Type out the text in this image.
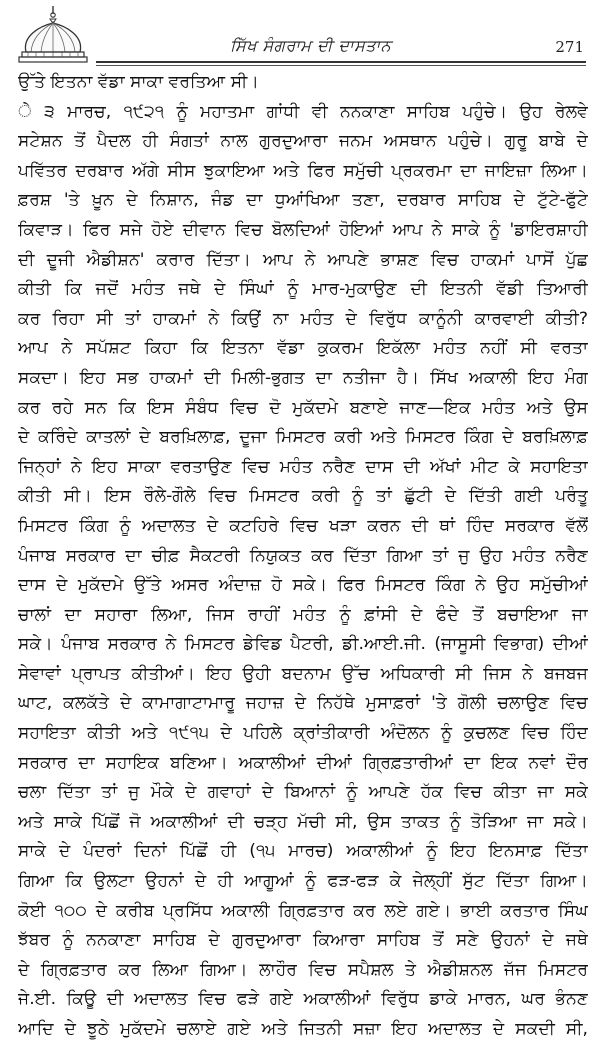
ਸਿੱਖ ਸੰਗਰਾਮ ਦੀ ਦਾਸਤਾਨ	271
ਉੱਤੇ ਇਤਨਾ ਵੱਡਾ ਸਾਕਾ ਵਰਤਿਆ ਸੀ।
ੇ ੩ ਮਾਰਚ, ੧੯੨੧ ਨੂੰ ਮਹਾਤਮਾ ਗਾਂਧੀ ਵੀ ਨਨਕਾਣਾ ਸਾਹਿਬ ਪਹੁੰਚੇ। ਉਹ ਰੇਲਵੇ
ਸਟੇਸ਼ਨ ਤੋਂ ਪੈਦਲ ਹੀ ਸੰਗਤਾਂ ਨਾਲ ਗੁਰਦੁਆਰਾ ਜਨਮ ਅਸਥਾਨ ਪਹੁੰਚੇ। ਗੁਰੂ ਬਾਬੇ ਦੇ
ਪਵਿੱਤਰ ਦਰਬਾਰ ਅੱਗੇ ਸੀਸ ਝੁਕਾਇਆ ਅਤੇ ਫਿਰ ਸਮੁੱਚੀ ਪ੍ਰਕਰਮਾ ਦਾ ਜਾਇਜ਼ਾ ਲਿਆ।
ਫ਼ਰਸ਼ 'ਤੇ ਖ਼ੂਨ ਦੇ ਨਿਸ਼ਾਨ, ਜੰਡ ਦਾ ਧੁਆਂਖਿਆ ਤਣਾ, ਦਰਬਾਰ ਸਾਹਿਬ ਦੇ ਟੁੱਟੇ-ਫੁੱਟੇ
ਕਿਵਾੜ। ਫਿਰ ਸਜੇ ਹੋਏ ਦੀਵਾਨ ਵਿਚ ਬੋਲਦਿਆਂ ਹੋਇਆਂ ਆਪ ਨੇ ਸਾਕੇ ਨੂੰ 'ਡਾਇਰਸ਼ਾਹੀ
ਦੀ ਦੂਜੀ ਐਡੀਸ਼ਨ' ਕਰਾਰ ਦਿੱਤਾ। ਆਪ ਨੇ ਆਪਣੇ ਭਾਸ਼ਣ ਵਿਚ ਹਾਕਮਾਂ ਪਾਸੋਂ ਪੁੱਛ
ਕੀਤੀ ਕਿ ਜਦੋਂ ਮਹੰਤ ਜਥੇ ਦੇ ਸਿੰਘਾਂ ਨੂੰ ਮਾਰ-ਮੁਕਾਉਣ ਦੀ ਇਤਨੀ ਵੱਡੀ ਤਿਆਰੀ
ਕਰ ਰਿਹਾ ਸੀ ਤਾਂ ਹਾਕਮਾਂ ਨੇ ਕਿਉਂ ਨਾ ਮਹੰਤ ਦੇ ਵਿਰੁੱਧ ਕਾਨੂੰਨੀ ਕਾਰਵਾਈ ਕੀਤੀ?
ਆਪ ਨੇ ਸਪੱਸ਼ਟ ਕਿਹਾ ਕਿ ਇਤਨਾ ਵੱਡਾ ਕੁਕਰਮ ਇਕੱਲਾ ਮਹੰਤ ਨਹੀਂ ਸੀ ਵਰਤਾ
ਸਕਦਾ। ਇਹ ਸਭ ਹਾਕਮਾਂ ਦੀ ਮਿਲੀ-ਭੁਗਤ ਦਾ ਨਤੀਜਾ ਹੈ। ਸਿੱਖ ਅਕਾਲੀ ਇਹ ਮੰਗ
ਕਰ ਰਹੇ ਸਨ ਕਿ ਇਸ ਸੰਬੰਧ ਵਿਚ ਦੋ ਮੁਕੱਦਮੇ ਬਣਾਏ ਜਾਣ—ਇਕ ਮਹੰਤ ਅਤੇ ਉਸ
ਦੇ ਕਰਿੰਦੇ ਕਾਤਲਾਂ ਦੇ ਬਰਖ਼ਿਲਾਫ਼, ਦੂਜਾ ਮਿਸਟਰ ਕਰੀ ਅਤੇ ਮਿਸਟਰ ਕਿੰਗ ਦੇ ਬਰਖ਼ਿਲਾਫ਼
ਜਿਨ੍ਹਾਂ ਨੇ ਇਹ ਸਾਕਾ ਵਰਤਾਉਣ ਵਿਚ ਮਹੰਤ ਨਰੈਣ ਦਾਸ ਦੀ ਅੱਖਾਂ ਮੀਟ ਕੇ ਸਹਾਇਤਾ
ਕੀਤੀ ਸੀ। ਇਸ ਰੌਲੇ-ਗੌਲੇ ਵਿਚ ਮਿਸਟਰ ਕਰੀ ਨੂੰ ਤਾਂ ਛੁੱਟੀ ਦੇ ਦਿੱਤੀ ਗਈ ਪਰੰਤੂ
ਮਿਸਟਰ ਕਿੰਗ ਨੂੰ ਅਦਾਲਤ ਦੇ ਕਟਹਿਰੇ ਵਿਚ ਖੜਾ ਕਰਨ ਦੀ ਥਾਂ ਹਿੰਦ ਸਰਕਾਰ ਵੱਲੋਂ
ਪੰਜਾਬ ਸਰਕਾਰ ਦਾ ਚੀਫ਼ ਸੈਕਟਰੀ ਨਿਯੁਕਤ ਕਰ ਦਿੱਤਾ ਗਿਆ ਤਾਂ ਜੁ ਉਹ ਮਹੰਤ ਨਰੈਣ
ਦਾਸ ਦੇ ਮੁਕੱਦਮੇ ਉੱਤੇ ਅਸਰ ਅੰਦਾਜ਼ ਹੋ ਸਕੇ। ਫਿਰ ਮਿਸਟਰ ਕਿੰਗ ਨੇ ਉਹ ਸਮੁੱਚੀਆਂ
ਚਾਲਾਂ ਦਾ ਸਹਾਰਾ ਲਿਆ, ਜਿਸ ਰਾਹੀਂ ਮਹੰਤ ਨੂੰ ਫ਼ਾਂਸੀ ਦੇ ਫੰਦੇ ਤੋਂ ਬਚਾਇਆ ਜਾ
ਸਕੇ। ਪੰਜਾਬ ਸਰਕਾਰ ਨੇ ਮਿਸਟਰ ਡੇਵਿਡ ਪੈਟਰੀ, ਡੀ.ਆਈ.ਜੀ. (ਜਾਸੂਸੀ ਵਿਭਾਗ) ਦੀਆਂ
ਸੇਵਾਵਾਂ ਪ੍ਰਾਪਤ ਕੀਤੀਆਂ। ਇਹ ਉਹੀ ਬਦਨਾਮ ਉੱਚ ਅਧਿਕਾਰੀ ਸੀ ਜਿਸ ਨੇ ਬਜਬਜ
ਘਾਟ, ਕਲਕੱਤੇ ਦੇ ਕਾਮਾਗਾਟਾਮਾਰੂ ਜਹਾਜ਼ ਦੇ ਨਿਹੱਥੇ ਮੁਸਾਫ਼ਰਾਂ 'ਤੇ ਗੋਲੀ ਚਲਾਉਣ ਵਿਚ
ਸਹਾਇਤਾ ਕੀਤੀ ਅਤੇ ੧੯੧੫ ਦੇ ਪਹਿਲੇ ਕ੍ਰਾਂਤੀਕਾਰੀ ਅੰਦੋਲਨ ਨੂੰ ਕੁਚਲਣ ਵਿਚ ਹਿੰਦ
ਸਰਕਾਰ ਦਾ ਸਹਾਇਕ ਬਣਿਆ। ਅਕਾਲੀਆਂ ਦੀਆਂ ਗ੍ਰਿਫ਼ਤਾਰੀਆਂ ਦਾ ਇਕ ਨਵਾਂ ਦੌਰ
ਚਲਾ ਦਿੱਤਾ ਤਾਂ ਜੁ ਮੌਕੇ ਦੇ ਗਵਾਹਾਂ ਦੇ ਬਿਆਨਾਂ ਨੂੰ ਆਪਣੇ ਹੱਕ ਵਿਚ ਕੀਤਾ ਜਾ ਸਕੇ
ਅਤੇ ਸਾਕੇ ਪਿੱਛੋਂ ਜੋ ਅਕਾਲੀਆਂ ਦੀ ਚੜ੍ਹ ਮੱਚੀ ਸੀ, ਉਸ ਤਾਕਤ ਨੂੰ ਤੋੜਿਆ ਜਾ ਸਕੇ।
ਸਾਕੇ ਦੇ ਪੰਦਰਾਂ ਦਿਨਾਂ ਪਿੱਛੋਂ ਹੀ (੧੫ ਮਾਰਚ) ਅਕਾਲੀਆਂ ਨੂੰ ਇਹ ਇਨਸਾਫ਼ ਦਿੱਤਾ
ਗਿਆ ਕਿ ਉਲਟਾ ਉਹਨਾਂ ਦੇ ਹੀ ਆਗੂਆਂ ਨੂੰ ਫੜ-ਫੜ ਕੇ ਜੇਲ੍ਹੀਂ ਸੁੱਟ ਦਿੱਤਾ ਗਿਆ।
ਕੋਈ ੧੦੦ ਦੇ ਕਰੀਬ ਪ੍ਰਸਿੱਧ ਅਕਾਲੀ ਗ੍ਰਿਫ਼ਤਾਰ ਕਰ ਲਏ ਗਏ। ਭਾਈ ਕਰਤਾਰ ਸਿੰਘ
ਝੱਬਰ ਨੂੰ ਨਨਕਾਣਾ ਸਾਹਿਬ ਦੇ ਗੁਰਦੁਆਰਾ ਕਿਆਰਾ ਸਾਹਿਬ ਤੋਂ ਸਣੇ ਉਹਨਾਂ ਦੇ ਜਥੇ
ਦੇ ਗ੍ਰਿਫ਼ਤਾਰ ਕਰ ਲਿਆ ਗਿਆ। ਲਾਹੌਰ ਵਿਚ ਸਪੈਸ਼ਲ ਤੇ ਐਡੀਸ਼ਨਲ ਜੱਜ ਮਿਸਟਰ
ਜੇ.ਈ. ਕਿਊ ਦੀ ਅਦਾਲਤ ਵਿਚ ਫੜੇ ਗਏ ਅਕਾਲੀਆਂ ਵਿਰੁੱਧ ਡਾਕੇ ਮਾਰਨ, ਘਰ ਭੰਨਣ
ਆਦਿ ਦੇ ਝੂਠੇ ਮੁਕੱਦਮੇ ਚਲਾਏ ਗਏ ਅਤੇ ਜਿਤਨੀ ਸਜ਼ਾ ਇਹ ਅਦਾਲਤ ਦੇ ਸਕਦੀ ਸੀ,
